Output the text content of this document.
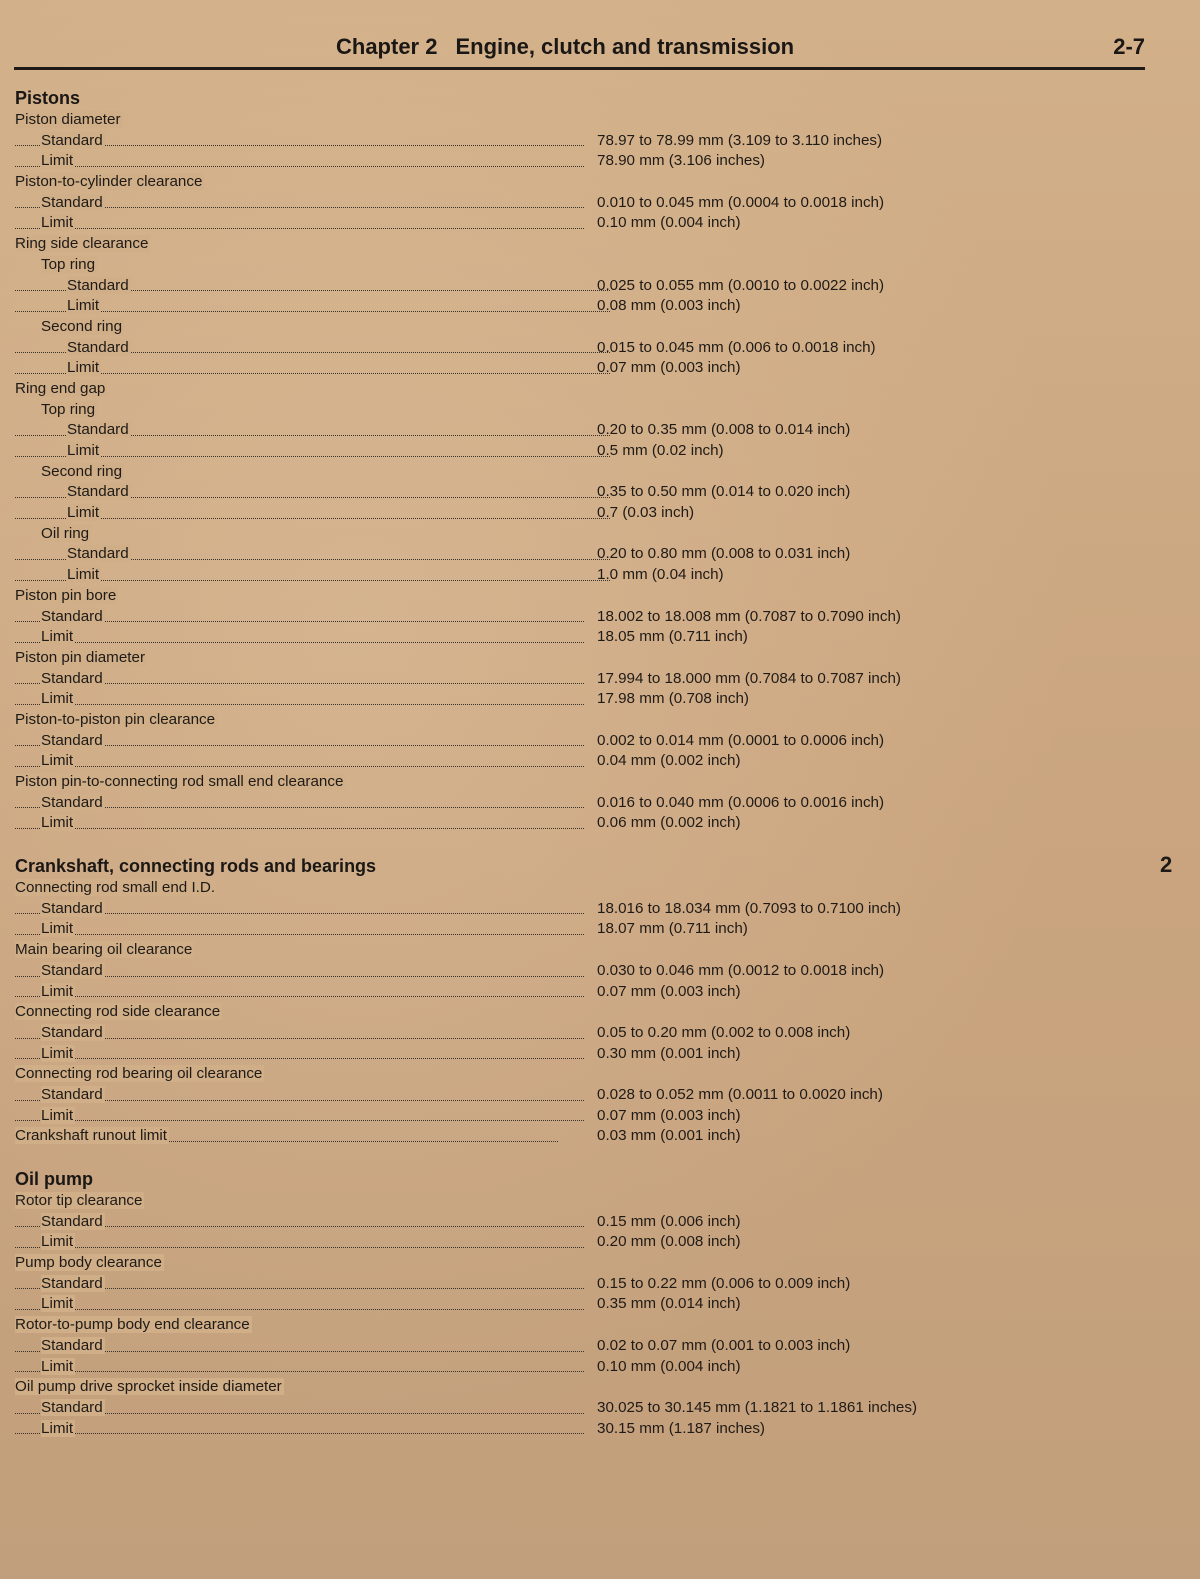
Chapter 2 Engine, clutch and transmission	2-7
2
Pistons
Piston diameter
Standard	78.97 to 78.99 mm (3.109 to 3.110 inches)
Limit	78.90 mm (3.106 inches)
Piston-to-cylinder clearance
Standard	0.010 to 0.045 mm (0.0004 to 0.0018 inch)
Limit	0.10 mm (0.004 inch)
Ring side clearance
Top ring
Standard	0.025 to 0.055 mm (0.0010 to 0.0022 inch)
Limit	0.08 mm (0.003 inch)
Second ring
Standard	0.015 to 0.045 mm (0.006 to 0.0018 inch)
Limit	0.07 mm (0.003 inch)
Ring end gap
Top ring
Standard	0.20 to 0.35 mm (0.008 to 0.014 inch)
Limit	0.5 mm (0.02 inch)
Second ring
Standard	0.35 to 0.50 mm (0.014 to 0.020 inch)
Limit	0.7 (0.03 inch)
Oil ring
Standard	0.20 to 0.80 mm (0.008 to 0.031 inch)
Limit	1.0 mm (0.04 inch)
Piston pin bore
Standard	18.002 to 18.008 mm (0.7087 to 0.7090 inch)
Limit	18.05 mm (0.711 inch)
Piston pin diameter
Standard	17.994 to 18.000 mm (0.7084 to 0.7087 inch)
Limit	17.98 mm (0.708 inch)
Piston-to-piston pin clearance
Standard	0.002 to 0.014 mm (0.0001 to 0.0006 inch)
Limit	0.04 mm (0.002 inch)
Piston pin-to-connecting rod small end clearance
Standard	0.016 to 0.040 mm (0.0006 to 0.0016 inch)
Limit	0.06 mm (0.002 inch)
Crankshaft, connecting rods and bearings
Connecting rod small end I.D.
Standard	18.016 to 18.034 mm (0.7093 to 0.7100 inch)
Limit	18.07 mm (0.711 inch)
Main bearing oil clearance
Standard	0.030 to 0.046 mm (0.0012 to 0.0018 inch)
Limit	0.07 mm (0.003 inch)
Connecting rod side clearance
Standard	0.05 to 0.20 mm (0.002 to 0.008 inch)
Limit	0.30 mm (0.001 inch)
Connecting rod bearing oil clearance
Standard	0.028 to 0.052 mm (0.0011 to 0.0020 inch)
Limit	0.07 mm (0.003 inch)
Crankshaft runout limit	0.03 mm (0.001 inch)
Oil pump
Rotor tip clearance
Standard	0.15 mm (0.006 inch)
Limit	0.20 mm (0.008 inch)
Pump body clearance
Standard	0.15 to 0.22 mm (0.006 to 0.009 inch)
Limit	0.35 mm (0.014 inch)
Rotor-to-pump body end clearance
Standard	0.02 to 0.07 mm (0.001 to 0.003 inch)
Limit	0.10 mm (0.004 inch)
Oil pump drive sprocket inside diameter
Standard	30.025 to 30.145 mm (1.1821 to 1.1861 inches)
Limit	30.15 mm (1.187 inches)
